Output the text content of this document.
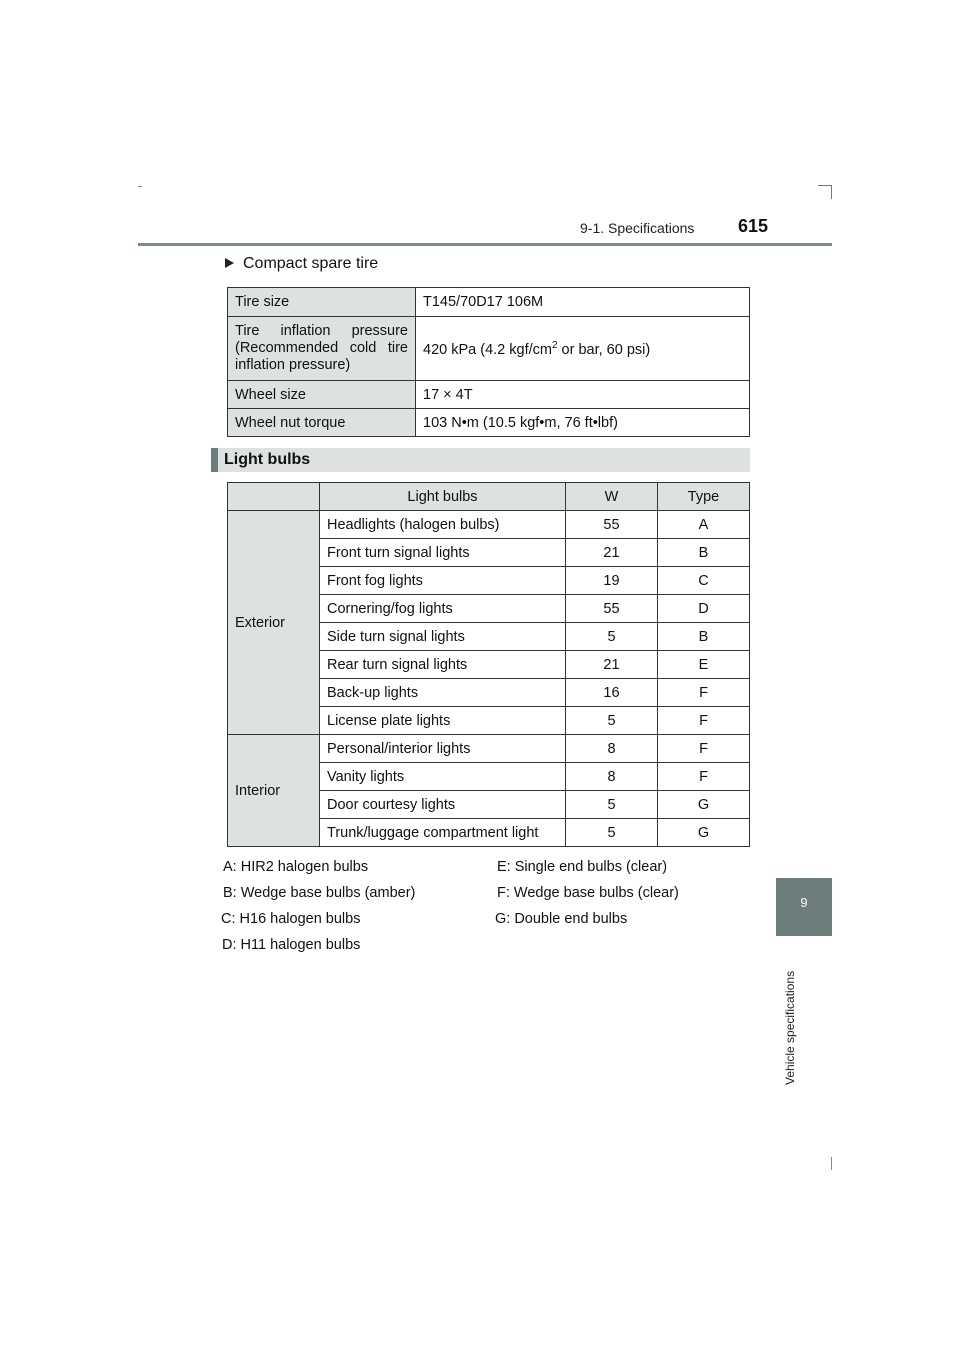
9-1. Specifications 615
9
Vehicle specifications
Compact spare tire
Tire size	T145/70D17 106M
Tire inflation pressure (Recommended cold tire inflation pressure)	420 kPa (4.2 kgf/$cm^2$ or bar, 60 psi)
Wheel size	17 × 4T
Wheel nut torque	103 N•m (10.5 kgf•m, 76 ft•lbf)
Light bulbs
	Light bulbs	W	Type
Exterior	Headlights (halogen bulbs)	55	A
	Front turn signal lights	21	B
	Front fog lights	19	C
	Cornering/fog lights	55	D
	Side turn signal lights	5	B
	Rear turn signal lights	21	E
	Back-up lights	16	F
	License plate lights	5	F
Interior	Personal/interior lights	8	F
	Vanity lights	8	F
	Door courtesy lights	5	G
	Trunk/luggage compartment light	5	G
A: HIR2 halogen bulbs
B: Wedge base bulbs (amber)
C: H16 halogen bulbs
D: H11 halogen bulbs
E: Single end bulbs (clear)
F: Wedge base bulbs (clear)
G: Double end bulbs
